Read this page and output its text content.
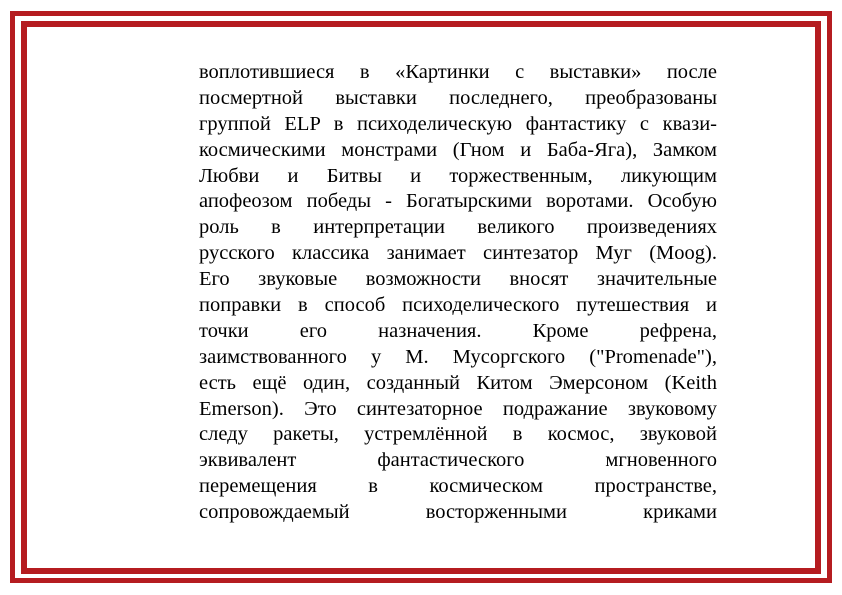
воплотившиеся в «Картинки с выставки» после
посмертной выставки последнего, преобразованы
группой ELP в психоделическую фантастику с квази-
космическими монстрами (Гном и Баба-Яга), Замком
Любви и Битвы и торжественным, ликующим
апофеозом победы - Богатырскими воротами. Особую
роль в интерпретации великого произведениях
русского классика занимает синтезатор Муг (Moog).
Его звуковые возможности вносят значительные
поправки в способ психоделического путешествия и
точки его назначения. Кроме рефрена,
заимствованного у М. Мусоргского ("Promenade"),
есть ещё один, созданный Китом Эмерсоном (Keith
Emerson). Это синтезаторное подражание звуковому
следу ракеты, устремлённой в космос, звуковой
эквивалент фантастического мгновенного
перемещения в космическом пространстве,
сопровождаемый восторженными криками
